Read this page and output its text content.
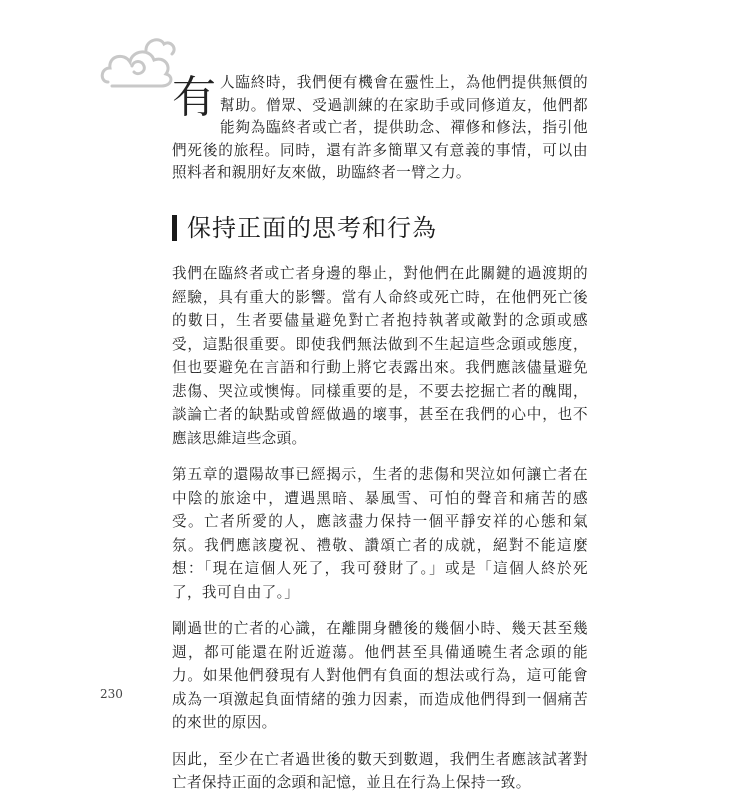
有 人臨終時，我們便有機會在靈性上，為他們提供無價的幫助。僧眾、受過訓練的在家助手或同修道友，他們都能夠為臨終者或亡者，提供助念、禪修和修法，指引他們死後的旅程。同時，還有許多簡單又有意義的事情，可以由照料者和親朋好友來做，助臨終者一臂之力。

保持正面的思考和行為

我們在臨終者或亡者身邊的舉止，對他們在此關鍵的過渡期的經驗，具有重大的影響。當有人命終或死亡時，在他們死亡後的數日，生者要儘量避免對亡者抱持執著或敵對的念頭或感受，這點很重要。即使我們無法做到不生起這些念頭或態度，但也要避免在言語和行動上將它表露出來。我們應該儘量避免悲傷、哭泣或懊悔。同樣重要的是，不要去挖掘亡者的醜聞，談論亡者的缺點或曾經做過的壞事，甚至在我們的心中，也不應該思維這些念頭。

第五章的還陽故事已經揭示，生者的悲傷和哭泣如何讓亡者在中陰的旅途中，遭遇黑暗、暴風雪、可怕的聲音和痛苦的感受。亡者所愛的人，應該盡力保持一個平靜安祥的心態和氣氛。我們應該慶祝、禮敬、讚頌亡者的成就，絕對不能這麼想：「現在這個人死了，我可發財了。」或是「這個人終於死了，我可自由了。」

剛過世的亡者的心識，在離開身體後的幾個小時、幾天甚至幾週，都可能還在附近遊蕩。他們甚至具備通曉生者念頭的能力。如果他們發現有人對他們有負面的想法或行為，這可能會成為一項激起負面情緒的強力因素，而造成他們得到一個痛苦的來世的原因。

因此，至少在亡者過世後的數天到數週，我們生者應該試著對亡者保持正面的念頭和記憶，並且在行為上保持一致。

230
